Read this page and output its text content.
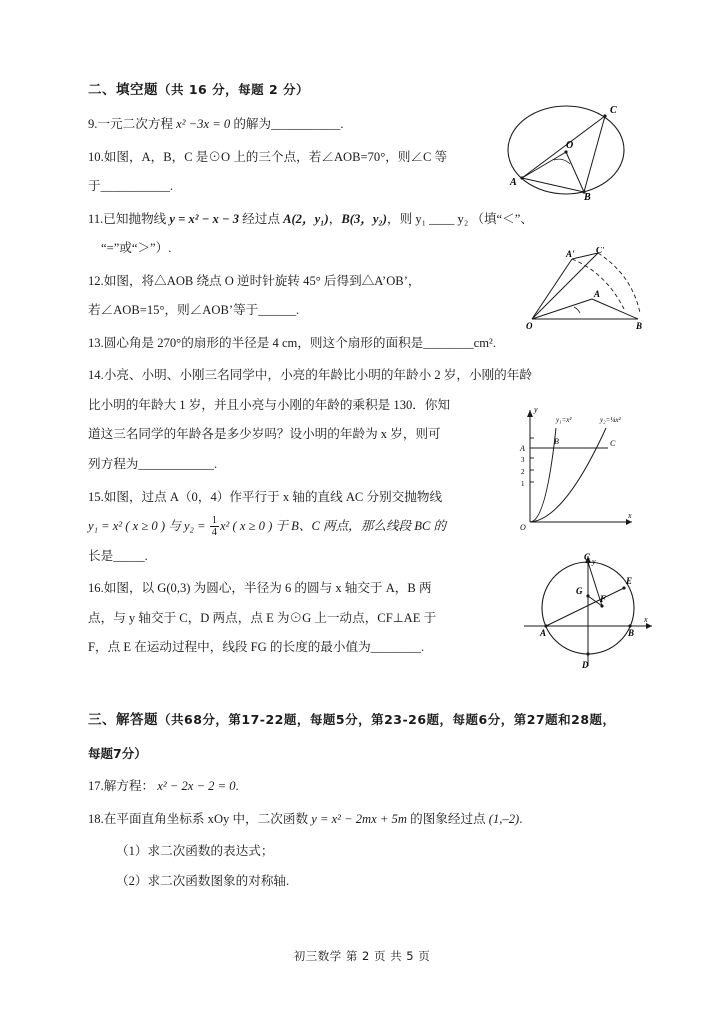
二、填空题（共 16 分，每题 2 分）
9.一元二次方程 x² −3x = 0 的解为___________.
10.如图，A，B，C 是⊙O 上的三个点，若∠AOB=70°，则∠C 等
于___________.
11.已知抛物线 y = x² − x − 3 经过点 A(2，y₁)，B(3，y₂)，则 y₁ ____ y₂ （填“＜”、
“=”或“＞”）.
12.如图，将△AOB 绕点 O 逆时针旋转 45° 后得到△A’OB’，
若∠AOB=15°，则∠AOB’等于______.
13.圆心角是 270°的扇形的半径是 4 cm，则这个扇形的面积是________cm².
14.小亮、小明、小刚三名同学中，小亮的年龄比小明的年龄小 2 岁，小刚的年龄
比小明的年龄大 1 岁，并且小亮与小刚的年龄的乘积是 130．你知
道这三名同学的年龄各是多少岁吗？设小明的年龄为 x 岁，则可
列方程为____________.
15.如图，过点 A（0，4）作平行于 x 轴的直线 AC 分别交抛物线
y₁ = x² ( x ≥ 0 ) 与 $y_2 = \frac{1}{4} x^2$ ( x ≥ 0 ) 于 B、C 两点，那么线段 BC 的
长是_____.
16.如图，以 G(0,3) 为圆心，半径为 6 的圆与 x 轴交于 A，B 两
点，与 y 轴交于 C，D 两点，点 E 为⊙G 上一动点，CF⊥AE 于
F，点 E 在运动过程中，线段 FG 的长度的最小值为________.
三、解答题（共68分，第17-22题，每题5分，第23-26题，每题6分，第27题和28题，
每题7分）
17.解方程： x² − 2x − 2 = 0.
18.在平面直角坐标系 xOy 中，二次函数 y = x² − 2mx + 5m 的图象经过点 (1,–2).
（1）求二次函数的表达式；
（2）求二次函数图象的对称轴.
C
O
A
B
C'
A'
A
O	B
y
y₁=x²	y₂=¼x²
A
B	C
3
2
1
O
x
C
G
F
E
A	B
D
y
x
初三数学 第 2 页 共 5 页
